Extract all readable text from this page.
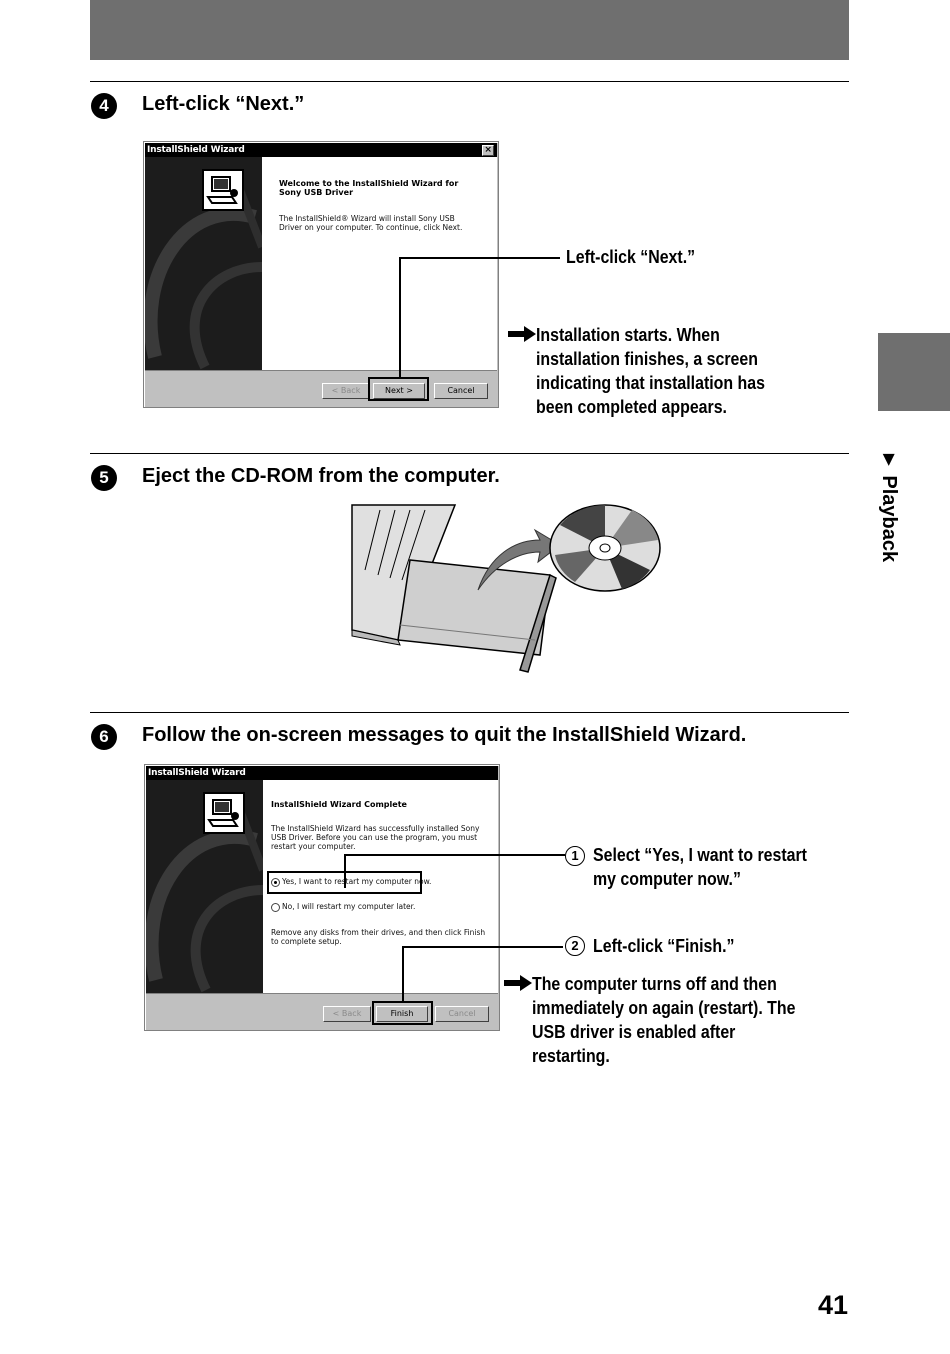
► Playback
4	Left-click “Next.”
InstallShield Wizard	×
Welcome to the InstallShield Wizard for Sony USB Driver
The InstallShield® Wizard will install Sony USB Driver on your computer. To continue, click Next.
< Back	Next >	Cancel
Left-click “Next.”
Installation starts. When
installation finishes, a screen
indicating that installation has
been completed appears.
5	Eject the CD-ROM from the computer.
6	Follow the on-screen messages to quit the InstallShield Wizard.
InstallShield Wizard
InstallShield Wizard Complete
The InstallShield Wizard has successfully installed Sony USB Driver. Before you can use the program, you must restart your computer.
Yes, I want to restart my computer now.
No, I will restart my computer later.
Remove any disks from their drives, and then click Finish to complete setup.
< Back	Finish	Cancel
1 Select “Yes, I want to restart
my computer now.”
2 Left-click “Finish.”
The computer turns off and then
immediately on again (restart). The
USB driver is enabled after
restarting.
41
